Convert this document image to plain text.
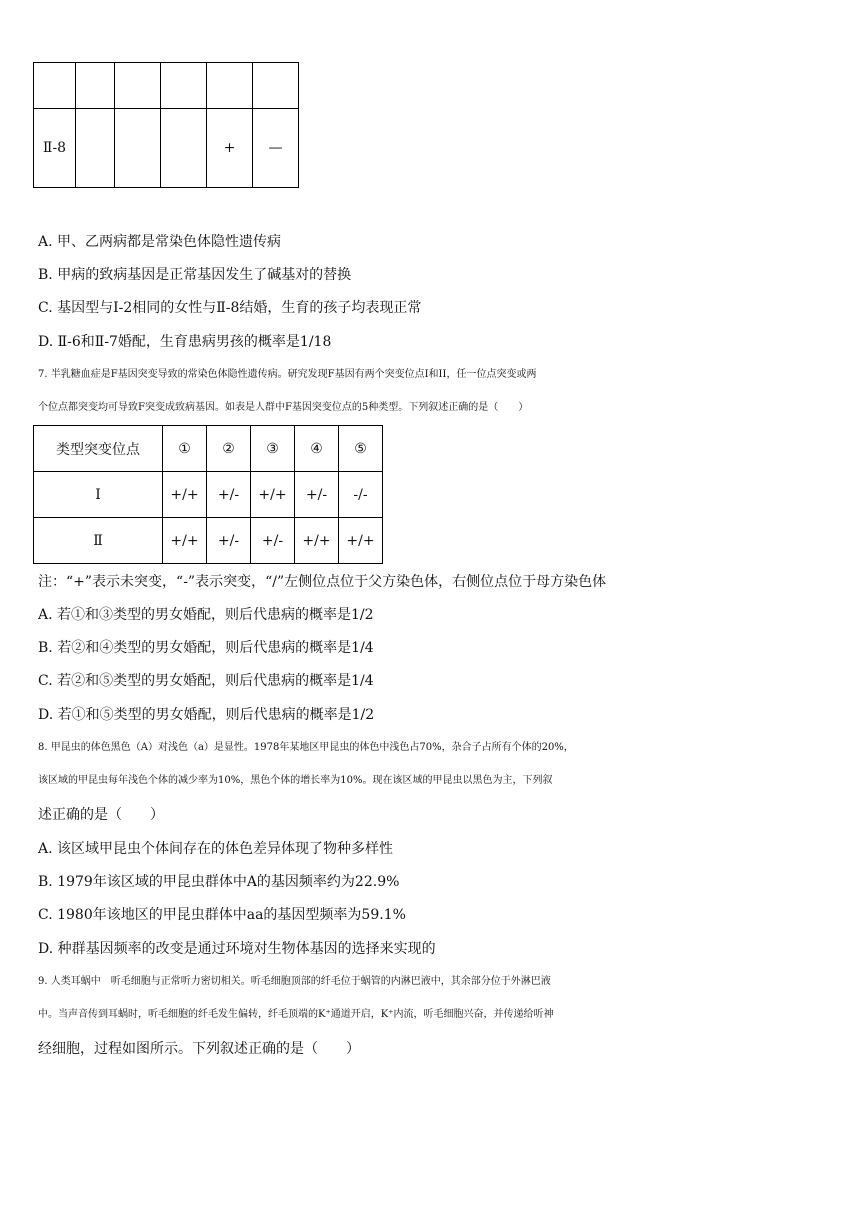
Ⅱ-8				+	—
A. 甲、乙两病都是常染色体隐性遗传病
B. 甲病的致病基因是正常基因发生了碱基对的替换
C. 基因型与Ⅰ-2相同的女性与Ⅱ-8结婚，生育的孩子均表现正常
D. Ⅱ-6和Ⅱ-7婚配，生育患病男孩的概率是1/18
7. 半乳糖血症是F基因突变导致的常染色体隐性遗传病。研究发现F基因有两个突变位点I和II，任一位点突变或两
个位点都突变均可导致F突变成致病基因。如表是人群中F基因突变位点的5种类型。下列叙述正确的是（　　）
类型突变位点	①	②	③	④	⑤
I	+/+	+/-	+/+	+/-	-/-
Ⅱ	+/+	+/-	+/-	+/+	+/+
注：“+”表示未突变，“-”表示突变，“/”左侧位点位于父方染色体，右侧位点位于母方染色体
A. 若①和③类型的男女婚配，则后代患病的概率是1/2
B. 若②和④类型的男女婚配，则后代患病的概率是1/4
C. 若②和⑤类型的男女婚配，则后代患病的概率是1/4
D. 若①和⑤类型的男女婚配，则后代患病的概率是1/2
8. 甲昆虫的体色黑色（A）对浅色（a）是显性。1978年某地区甲昆虫的体色中浅色占70%，杂合子占所有个体的20%，
该区域的甲昆虫每年浅色个体的减少率为10%，黑色个体的增长率为10%。现在该区域的甲昆虫以黑色为主，下列叙
述正确的是（　　）
A. 该区域甲昆虫个体间存在的体色差异体现了物种多样性
B. 1979年该区域的甲昆虫群体中A的基因频率约为22.9%
C. 1980年该地区的甲昆虫群体中aa的基因型频率为59.1%
D. 种群基因频率的改变是通过环境对生物体基因的选择来实现的
9. 人类耳蜗中　听毛细胞与正常听力密切相关。听毛细胞顶部的纤毛位于蜗管的内淋巴液中，其余部分位于外淋巴液
中。当声音传到耳蜗时，听毛细胞的纤毛发生偏转，纤毛顶端的K⁺通道开启，K⁺内流，听毛细胞兴奋，并传递给听神
经细胞，过程如图所示。下列叙述正确的是（　　）
